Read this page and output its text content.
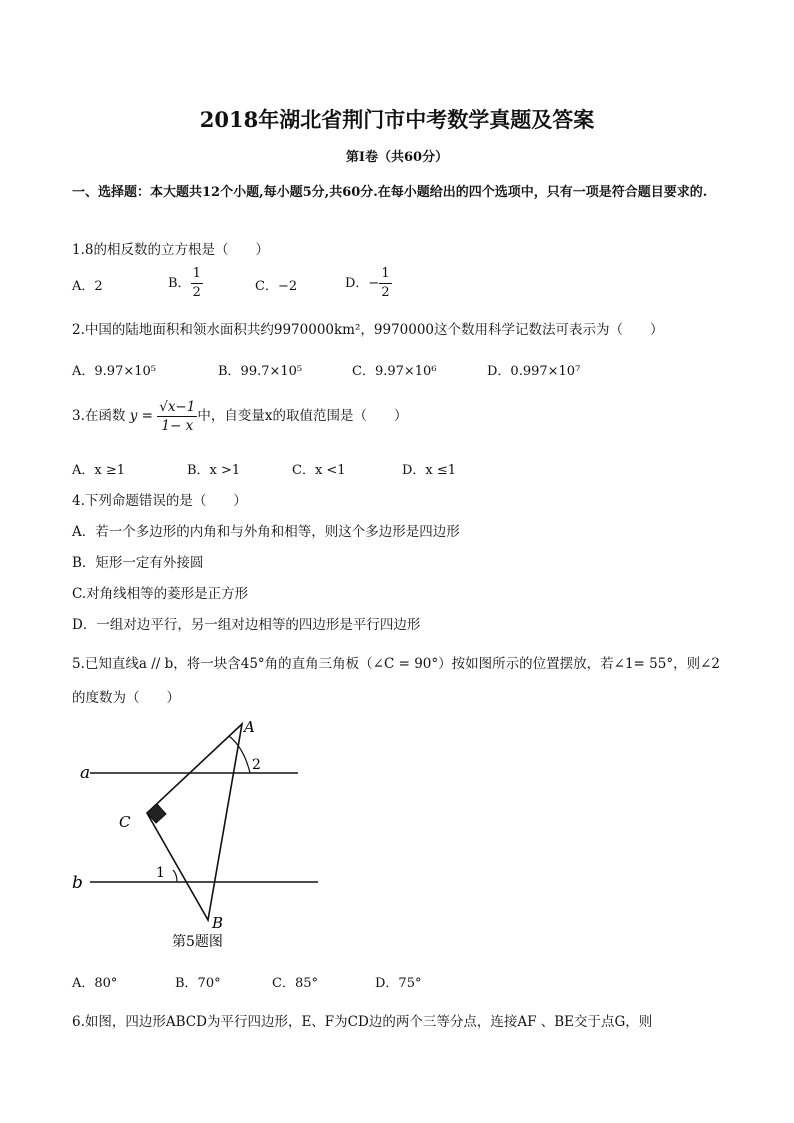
2018年湖北省荆门市中考数学真题及答案
第Ⅰ卷（共60分）
一、选择题：本大题共12个小题,每小题5分,共60分.在每小题给出的四个选项中，只有一项是符合题目要求的.
1.8的相反数的立方根是（　　）
A．2	B． $\frac{1}{2}$	C．−2	D．− $\frac{1}{2}$
2.中国的陆地面积和领水面积共约9970000km²，9970000这个数用科学记数法可表示为（　　）
A．9.97×10⁵	B．99.7×10⁵	C．9.97×10⁶	D．0.997×10⁷
3.在函数 $y = \frac{√x-1}{1- x}$ 中，自变量x的取值范围是（　　）
A．x ≥1	B．x >1	C．x <1	D．x ≤1
4.下列命题错误的是（　　）
A．若一个多边形的内角和与外角和相等，则这个多边形是四边形
B．矩形一定有外接圆
C.对角线相等的菱形是正方形
D．一组对边平行，另一组对边相等的四边形是平行四边形
5.已知直线a // b，将一块含45°角的直角三角板（∠C = 90°）按如图所示的位置摆放，若∠1= 55°，则∠2
的度数为（　　）
a
b
A
B
C
1
2
第5题图
A．80°	B．70°	C．85°	D．75°
6.如图，四边形ABCD为平行四边形，E、F为CD边的两个三等分点，连接AF 、BE交于点G，则
